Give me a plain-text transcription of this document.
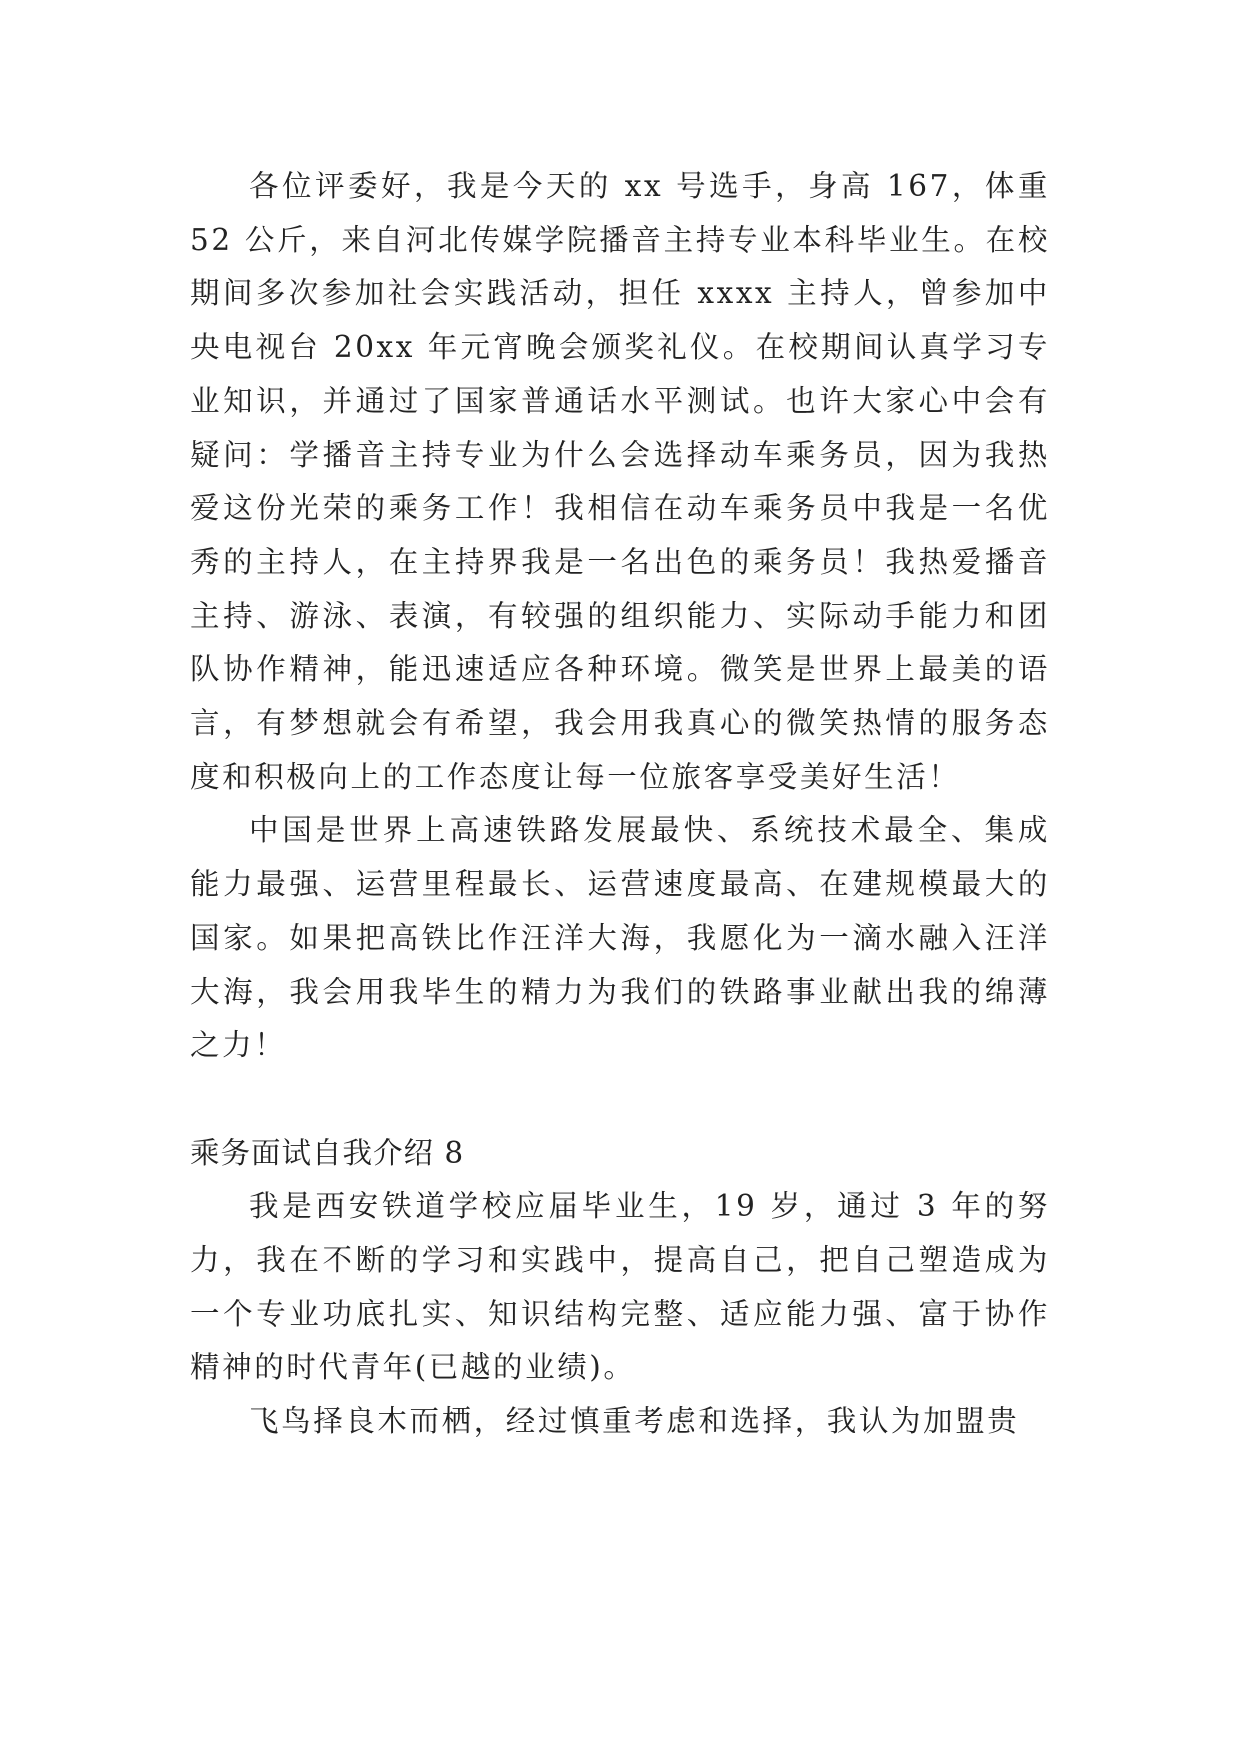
各位评委好，我是今天的 xx 号选手，身高 167，体重 52 公斤，来自河北传媒学院播音主持专业本科毕业生。在校期间多次参加社会实践活动，担任 xxxx 主持人，曾参加中央电视台 20xx 年元宵晚会颁奖礼仪。在校期间认真学习专业知识，并通过了国家普通话水平测试。也许大家心中会有疑问：学播音主持专业为什么会选择动车乘务员，因为我热爱这份光荣的乘务工作！我相信在动车乘务员中我是一名优秀的主持人，在主持界我是一名出色的乘务员！我热爱播音主持、游泳、表演，有较强的组织能力、实际动手能力和团队协作精神，能迅速适应各种环境。微笑是世界上最美的语言，有梦想就会有希望，我会用我真心的微笑热情的服务态度和积极向上的工作态度让每一位旅客享受美好生活！

中国是世界上高速铁路发展最快、系统技术最全、集成能力最强、运营里程最长、运营速度最高、在建规模最大的国家。如果把高铁比作汪洋大海，我愿化为一滴水融入汪洋大海，我会用我毕生的精力为我们的铁路事业献出我的绵薄之力！

乘务面试自我介绍 8

我是西安铁道学校应届毕业生，19 岁，通过 3 年的努力，我在不断的学习和实践中，提高自己，把自己塑造成为一个专业功底扎实、知识结构完整、适应能力强、富于协作精神的时代青年(已越的业绩)。

飞鸟择良木而栖，经过慎重考虑和选择，我认为加盟贵
